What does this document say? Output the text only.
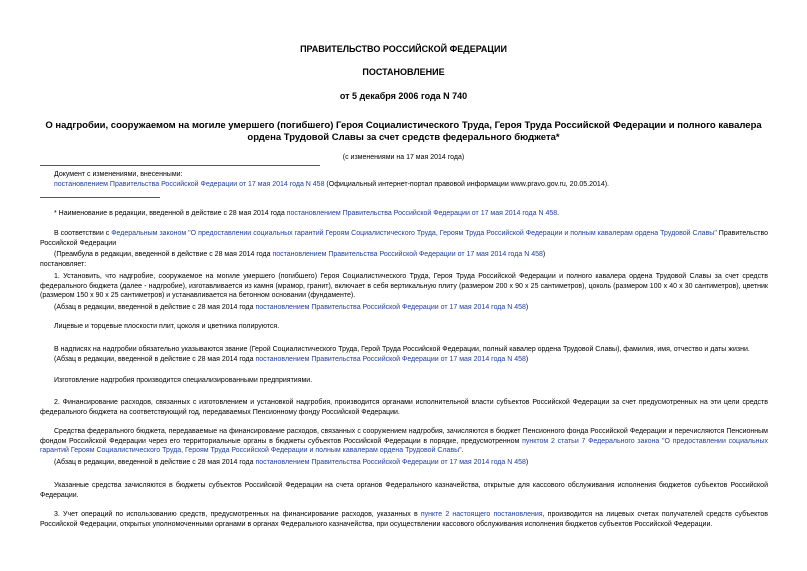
ПРАВИТЕЛЬСТВО РОССИЙСКОЙ ФЕДЕРАЦИИ
ПОСТАНОВЛЕНИЕ
от 5 декабря 2006 года N 740
О надгробии, сооружаемом на могиле умершего (погибшего) Героя Социалистического Труда, Героя Труда Российской Федерации и полного кавалера ордена Трудовой Славы за счет средств федерального бюджета*
(с изменениями на 17 мая 2014 года)
Документ с изменениями, внесенными:
постановлением Правительства Российской Федерации от 17 мая 2014 года N 458 (Официальный интернет-портал правовой информации www.pravo.gov.ru, 20.05.2014).
* Наименование в редакции, введенной в действие с 28 мая 2014 года постановлением Правительства Российской Федерации от 17 мая 2014 года N 458.
В соответствии с Федеральным законом "О предоставлении социальных гарантий Героям Социалистического Труда, Героям Труда Российской Федерации и полным кавалерам ордена Трудовой Славы" Правительство Российской Федерации
(Преамбула в редакции, введенной в действие с 28 мая 2014 года постановлением Правительства Российской Федерации от 17 мая 2014 года N 458)
постановляет:
1. Установить, что надгробие, сооружаемое на могиле умершего (погибшего) Героя Социалистического Труда, Героя Труда Российской Федерации и полного кавалера ордена Трудовой Славы за счет средств федерального бюджета (далее - надгробие), изготавливается из камня (мрамор, гранит), включает в себя вертикальную плиту (размером 200 х 90 х 25 сантиметров), цоколь (размером 100 х 40 х 30 сантиметров), цветник (размером 150 х 90 х 25 сантиметров) и устанавливается на бетонном основании (фундаменте).
(Абзац в редакции, введенной в действие с 28 мая 2014 года постановлением Правительства Российской Федерации от 17 мая 2014 года N 458)
Лицевые и торцевые плоскости плит, цоколя и цветника полируются.
В надписях на надгробии обязательно указываются звание (Герой Социалистического Труда, Герой Труда Российской Федерации, полный кавалер ордена Трудовой Славы), фамилия, имя, отчество и даты жизни.
(Абзац в редакции, введенной в действие с 28 мая 2014 года постановлением Правительства Российской Федерации от 17 мая 2014 года N 458)
Изготовление надгробия производится специализированными предприятиями.
2. Финансирование расходов, связанных с изготовлением и установкой надгробия, производится органами исполнительной власти субъектов Российской Федерации за счет предусмотренных на эти цели средств федерального бюджета на соответствующий год, передаваемых Пенсионному фонду Российской Федерации.
Средства федерального бюджета, передаваемые на финансирование расходов, связанных с сооружением надгробия, зачисляются в бюджет Пенсионного фонда Российской Федерации и перечисляются Пенсионным фондом Российской Федерации через его территориальные органы в бюджеты субъектов Российской Федерации в порядке, предусмотренном пунктом 2 статьи 7 Федерального закона "О предоставлении социальных гарантий Героям Социалистического Труда, Героям Труда Российской Федерации и полным кавалерам ордена Трудовой Славы".
(Абзац в редакции, введенной в действие с 28 мая 2014 года постановлением Правительства Российской Федерации от 17 мая 2014 года N 458)
Указанные средства зачисляются в бюджеты субъектов Российской Федерации на счета органов Федерального казначейства, открытые для кассового обслуживания исполнения бюджетов субъектов Российской Федерации.
3. Учет операций по использованию средств, предусмотренных на финансирование расходов, указанных в пункте 2 настоящего постановления, производится на лицевых счетах получателей средств субъектов Российской Федерации, открытых уполномоченными органами в органах Федерального казначейства, при осуществлении кассового обслуживания исполнения бюджетов субъектов Российской Федерации.
